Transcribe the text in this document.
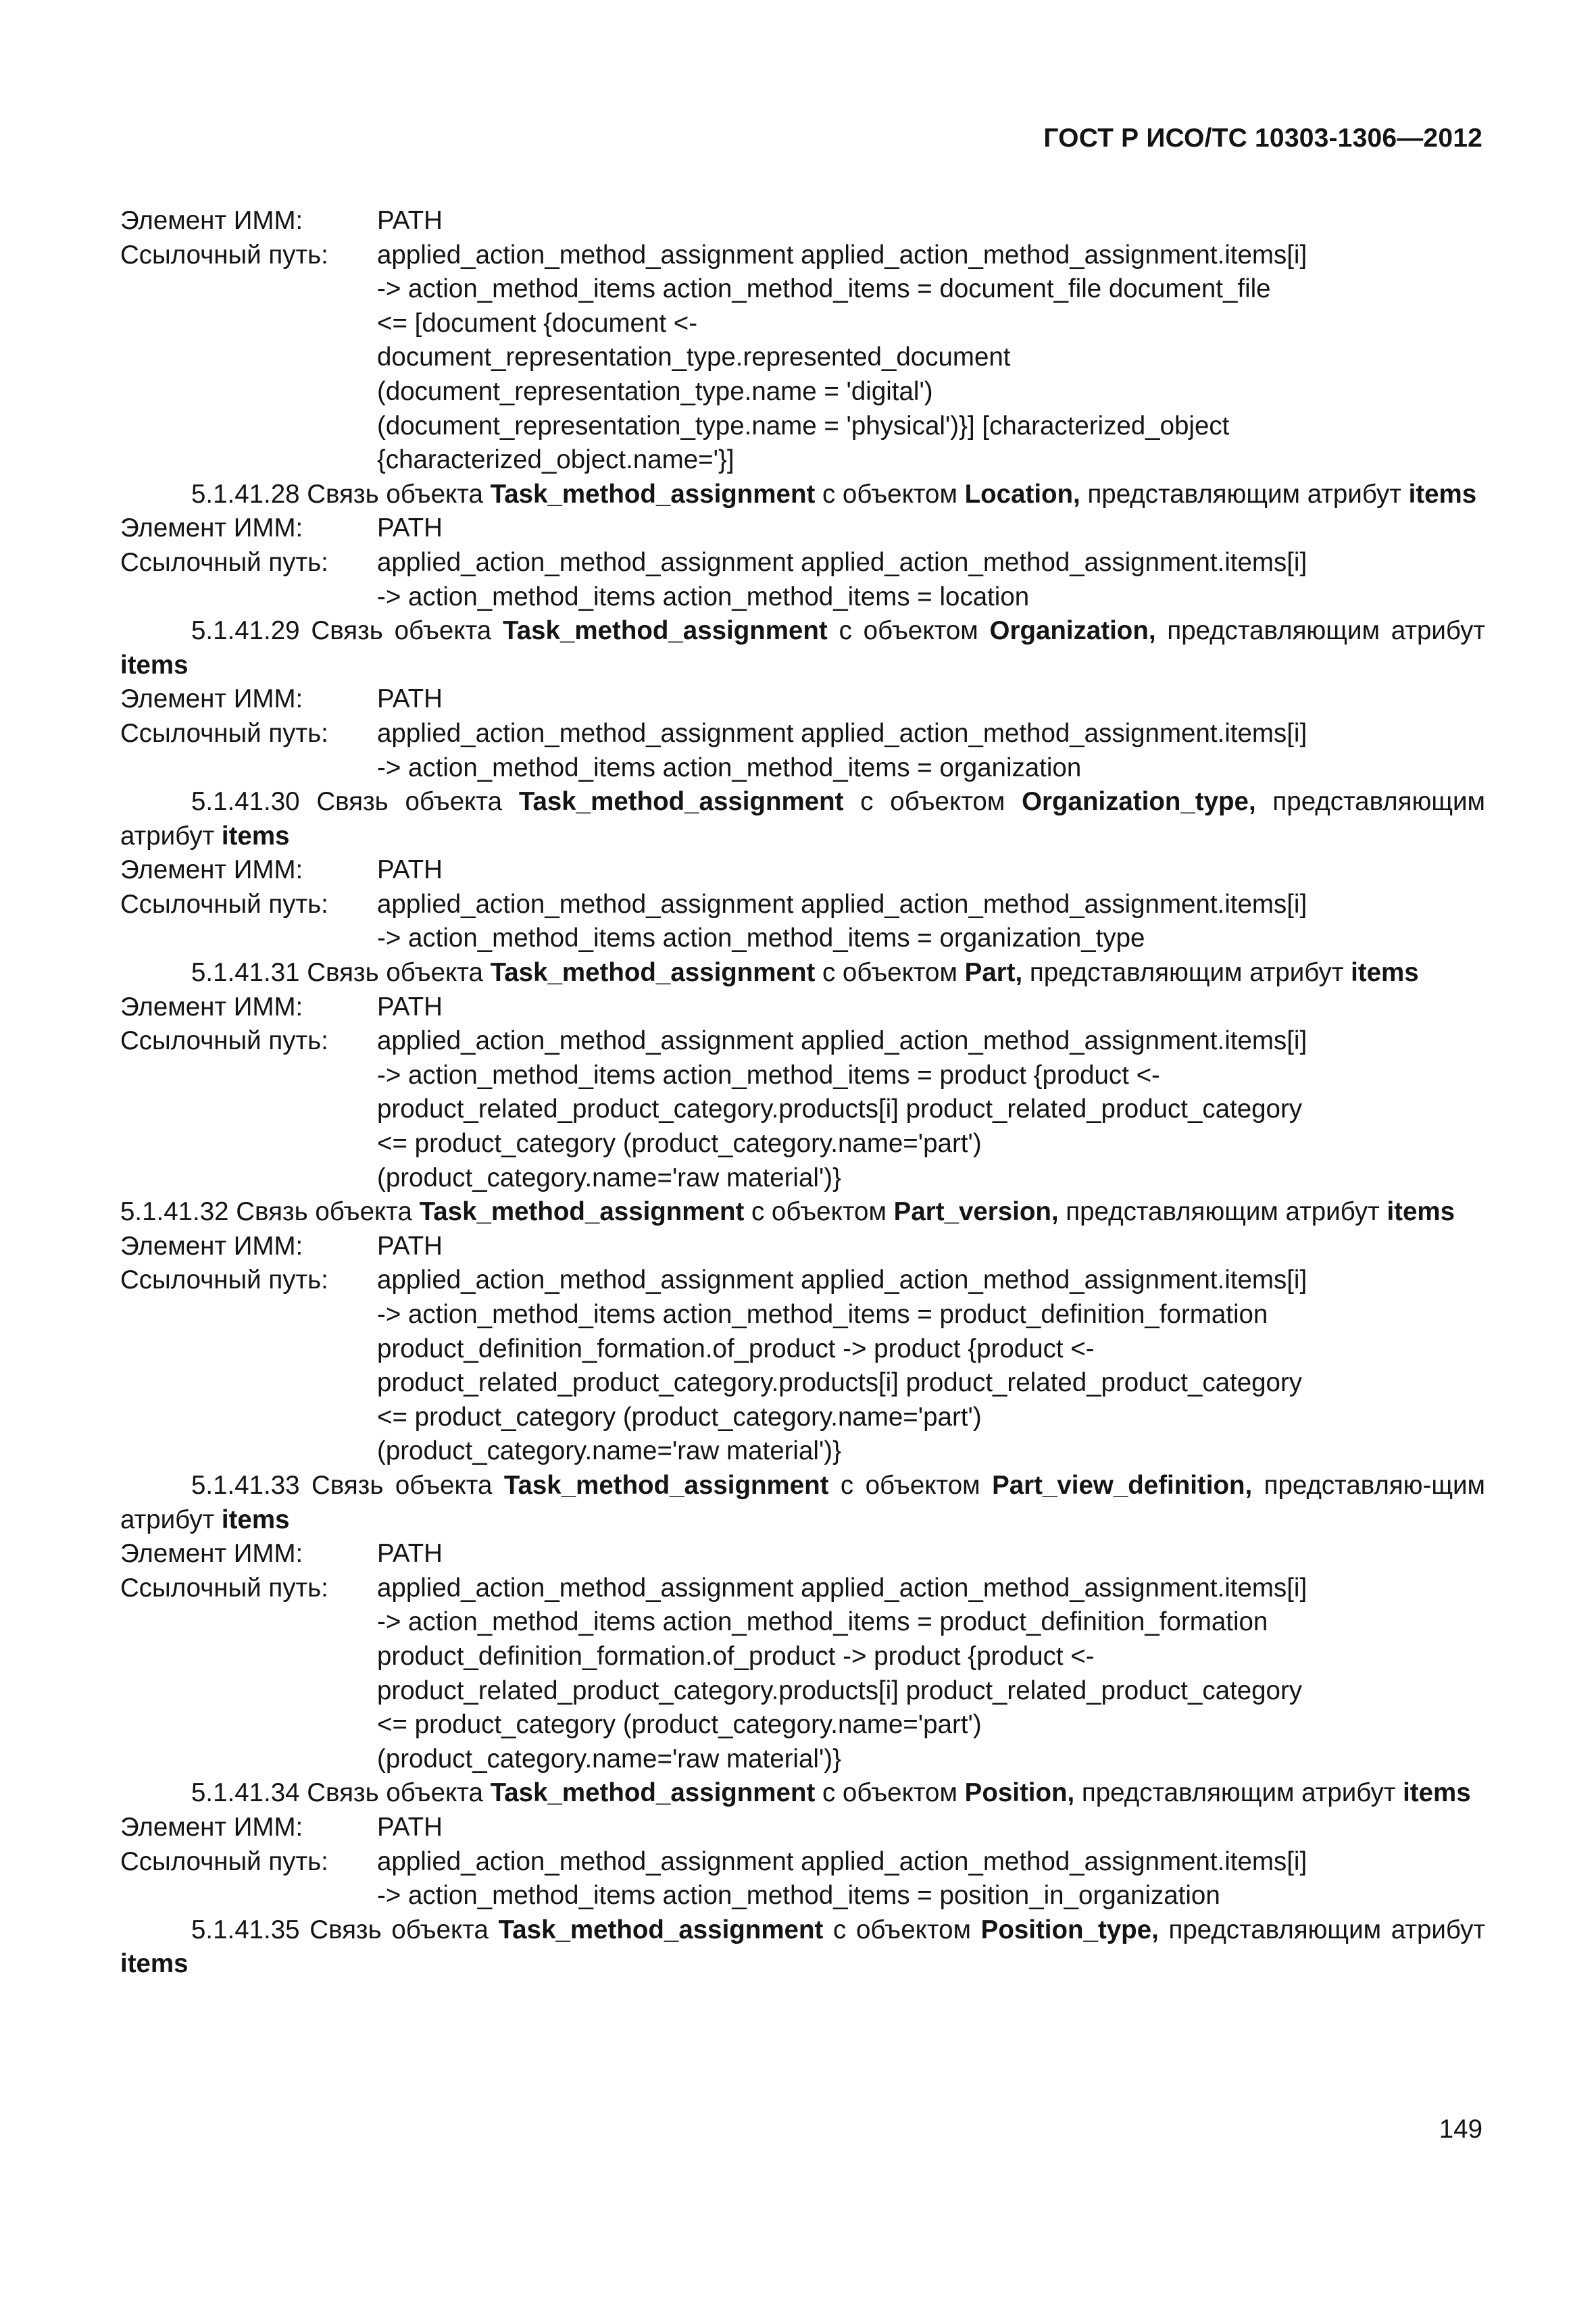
ГОСТ Р ИСО/ТС 10303-1306—2012
Элемент ИММ:	PATH
Ссылочный путь:	applied_action_method_assignment applied_action_method_assignment.items[i]
-> action_method_items action_method_items = document_file document_file
<= [document {document <-
document_representation_type.represented_document
(document_representation_type.name = 'digital')
(document_representation_type.name = 'physical')}] [characterized_object
{characterized_object.name='}]
5.1.41.28 Связь объекта Task_method_assignment с объектом Location, представляющим атрибут items
Элемент ИММ:	PATH
Ссылочный путь:	applied_action_method_assignment applied_action_method_assignment.items[i]
-> action_method_items action_method_items = location
5.1.41.29 Связь объекта Task_method_assignment с объектом Organization, представляющим атрибут items
Элемент ИММ:	PATH
Ссылочный путь:	applied_action_method_assignment applied_action_method_assignment.items[i]
-> action_method_items action_method_items = organization
5.1.41.30 Связь объекта Task_method_assignment с объектом Organization_type, представляющим атрибут items
Элемент ИММ:	PATH
Ссылочный путь:	applied_action_method_assignment applied_action_method_assignment.items[i]
-> action_method_items action_method_items = organization_type
5.1.41.31 Связь объекта Task_method_assignment с объектом Part, представляющим атрибут items
Элемент ИММ:	PATH
Ссылочный путь:	applied_action_method_assignment applied_action_method_assignment.items[i]
-> action_method_items action_method_items = product {product <-
product_related_product_category.products[i] product_related_product_category
<= product_category (product_category.name='part')
(product_category.name='raw material')}
5.1.41.32 Связь объекта Task_method_assignment с объектом Part_version, представляющим атрибут items
Элемент ИММ:	PATH
Ссылочный путь:	applied_action_method_assignment applied_action_method_assignment.items[i]
-> action_method_items action_method_items = product_definition_formation
product_definition_formation.of_product -> product {product <-
product_related_product_category.products[i] product_related_product_category
<= product_category (product_category.name='part')
(product_category.name='raw material')}
5.1.41.33 Связь объекта Task_method_assignment с объектом Part_view_definition, представляю-щим атрибут items
Элемент ИММ:	PATH
Ссылочный путь:	applied_action_method_assignment applied_action_method_assignment.items[i]
-> action_method_items action_method_items = product_definition_formation
product_definition_formation.of_product -> product {product <-
product_related_product_category.products[i] product_related_product_category
<= product_category (product_category.name='part')
(product_category.name='raw material')}
5.1.41.34 Связь объекта Task_method_assignment с объектом Position, представляющим атрибут items
Элемент ИММ:	PATH
Ссылочный путь:	applied_action_method_assignment applied_action_method_assignment.items[i]
-> action_method_items action_method_items = position_in_organization
5.1.41.35 Связь объекта Task_method_assignment с объектом Position_type, представляющим атрибут items
149
